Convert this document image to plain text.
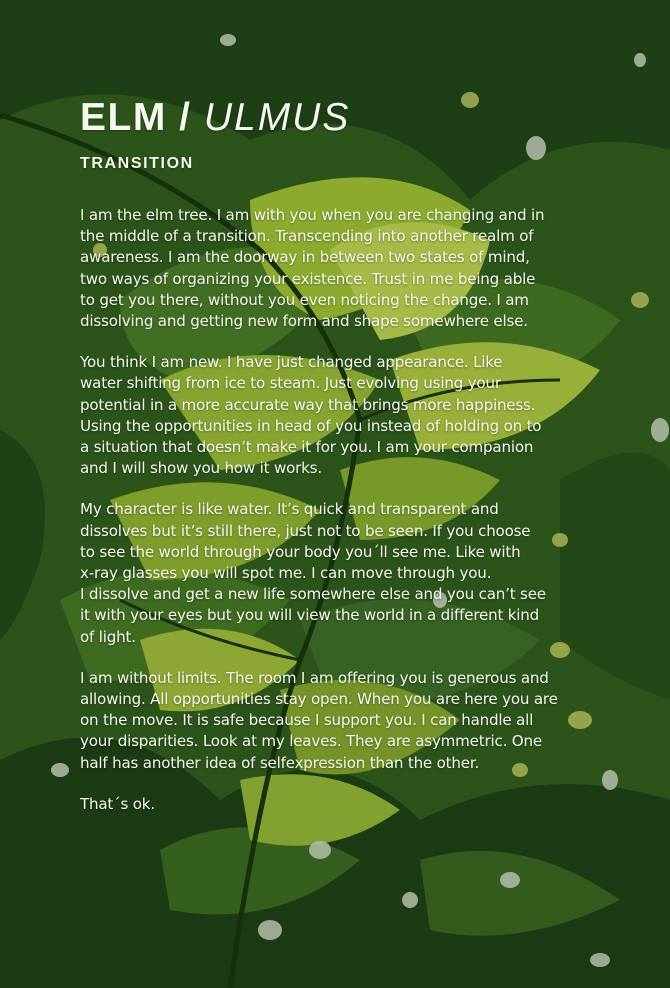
ELM / ULMUS
TRANSITION

I am the elm tree. I am with you when you are changing and in
the middle of a transition. Transcending into another realm of
awareness. I am the doorway in between two states of mind,
two ways of organizing your existence. Trust in me being able
to get you there, without you even noticing the change. I am
dissolving and getting new form and shape somewhere else.

You think I am new. I have just changed appearance. Like
water shifting from ice to steam. Just evolving using your
potential in a more accurate way that brings more happiness.
Using the opportunities in head of you instead of holding on to
a situation that doesn’t make it for you. I am your companion
and I will show you how it works.

My character is like water. It’s quick and transparent and
dissolves but it’s still there, just not to be seen. If you choose
to see the world through your body you´ll see me. Like with
x-ray glasses you will spot me. I can move through you.
I dissolve and get a new life somewhere else and you can’t see
it with your eyes but you will view the world in a different kind
of light.

I am without limits. The room I am offering you is generous and
allowing. All opportunities stay open. When you are here you are
on the move. It is safe because I support you. I can handle all
your disparities. Look at my leaves. They are asymmetric. One
half has another idea of selfexpression than the other.

That´s ok.
